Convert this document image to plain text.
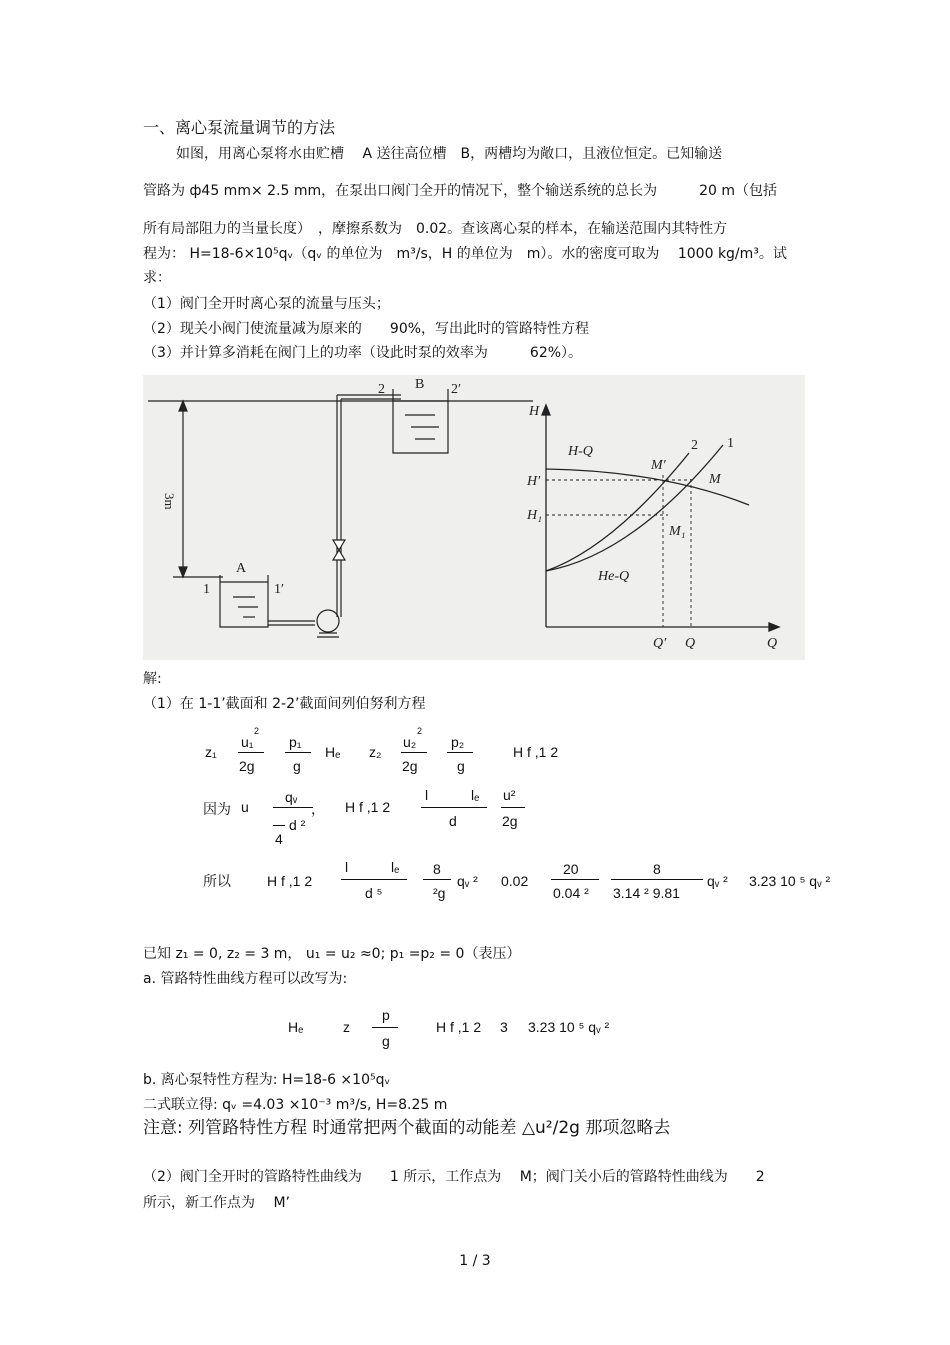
一、离心泵流量调节的方法
如图，用离心泵将水由贮槽　 A 送往高位槽　B，两槽均为敞口，且液位恒定。已知输送
管路为 ф45 mm× 2.5 mm，在泵出口阀门全开的情况下，整个输送系统的总长为　　　20 m（包括
所有局部阻力的当量长度）　，摩擦系数为　0.02。查该离心泵的样本，在输送范围内其特性方
程为： H=18-6×10⁵qᵥ（qᵥ 的单位为　m³/s，H 的单位为　m）。水的密度可取为　 1000 kg/m³。试
求：
（1）阀门全开时离心泵的流量与压头；
（2）现关小阀门使流量减为原来的　　90%，写出此时的管路特性方程
（3）并计算多消耗在阀门上的功率（设此时泵的效率为　　　62%）。
3m
A
B
1	1′
2	2′
H
Q
H-Q
He-Q
H′
H₁
M′
M
M₁
2 1
Q′ Q
解:
（1）在 1-1’截面和 2-2’截面间列伯努利方程
z₁
u₁
2
2g
p₁
g
Hₑ z₂
u₂
2
2g
p₂
g
H f ,1 2
因为 u
qᵥ
d ²
4
， H f ,1 2
l	lₑ
d
u²
2g
所以	H f ,1 2
l	lₑ
d ⁵
8
²g
qᵥ ² 0.02
20
0.04 ²
8
3.14 ² 9.81
qᵥ ² 3.23 10 ⁵ qᵥ ²
已知 z₁ = 0, z₂ = 3 m， u₁ = u₂ ≈0; p₁ =p₂ = 0（表压）
a. 管路特性曲线方程可以改写为:
Hₑ	z
p
g
H f ,1 2 3 3.23 10 ⁵ qᵥ ²
b. 离心泵特性方程为: H=18-6 ×10⁵qᵥ
二式联立得: qᵥ =4.03 ×10⁻³ m³/s, H=8.25 m
注意: 列管路特性方程 时通常把两个截面的动能差 △u²/2g 那项忽略去
（2）阀门全开时的管路特性曲线为　　1 所示，工作点为　 M；阀门关小后的管路特性曲线为　　2
所示，新工作点为　 M’
1 / 3
